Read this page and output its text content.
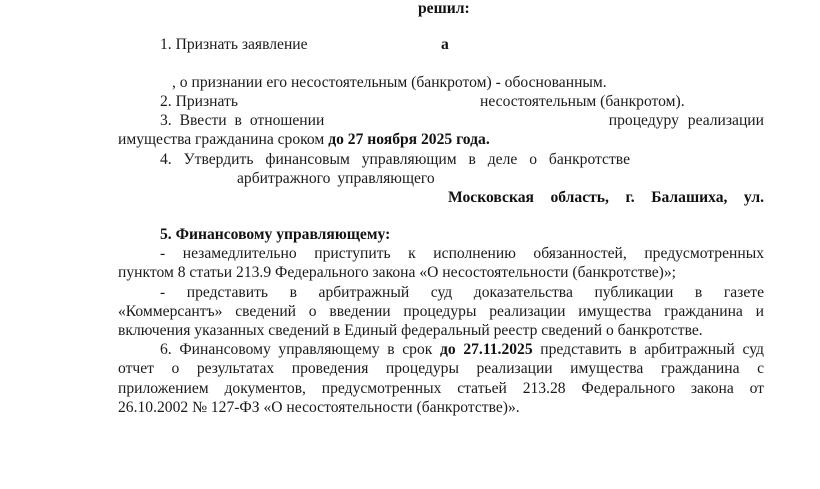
решил:
1. Признать заявление	а
, о признании его несостоятельным (банкротом) - обоснованным.
2. Признать	несостоятельным (банкротом).
3. Ввести в отношении	процедуру реализации
имущества гражданина сроком до 27 ноября 2025 года.
4. Утвердить финансовым управляющим в деле о банкротстве
арбитражного управляющего
Московская область, г. Балашиха, ул.
5. Финансовому управляющему:
- незамедлительно приступить к исполнению обязанностей, предусмотренных
пунктом 8 статьи 213.9 Федерального закона «О несостоятельности (банкротстве)»;
- представить в арбитражный суд доказательства публикации в газете
«Коммерсантъ» сведений о введении процедуры реализации имущества гражданина и
включения указанных сведений в Единый федеральный реестр сведений о банкротстве.
6. Финансовому управляющему в срок до 27.11.2025 представить в арбитражный суд
отчет о результатах проведения процедуры реализации имущества гражданина с
приложением документов, предусмотренных статьей 213.28 Федерального закона от
26.10.2002 № 127-ФЗ «О несостоятельности (банкротстве)».
